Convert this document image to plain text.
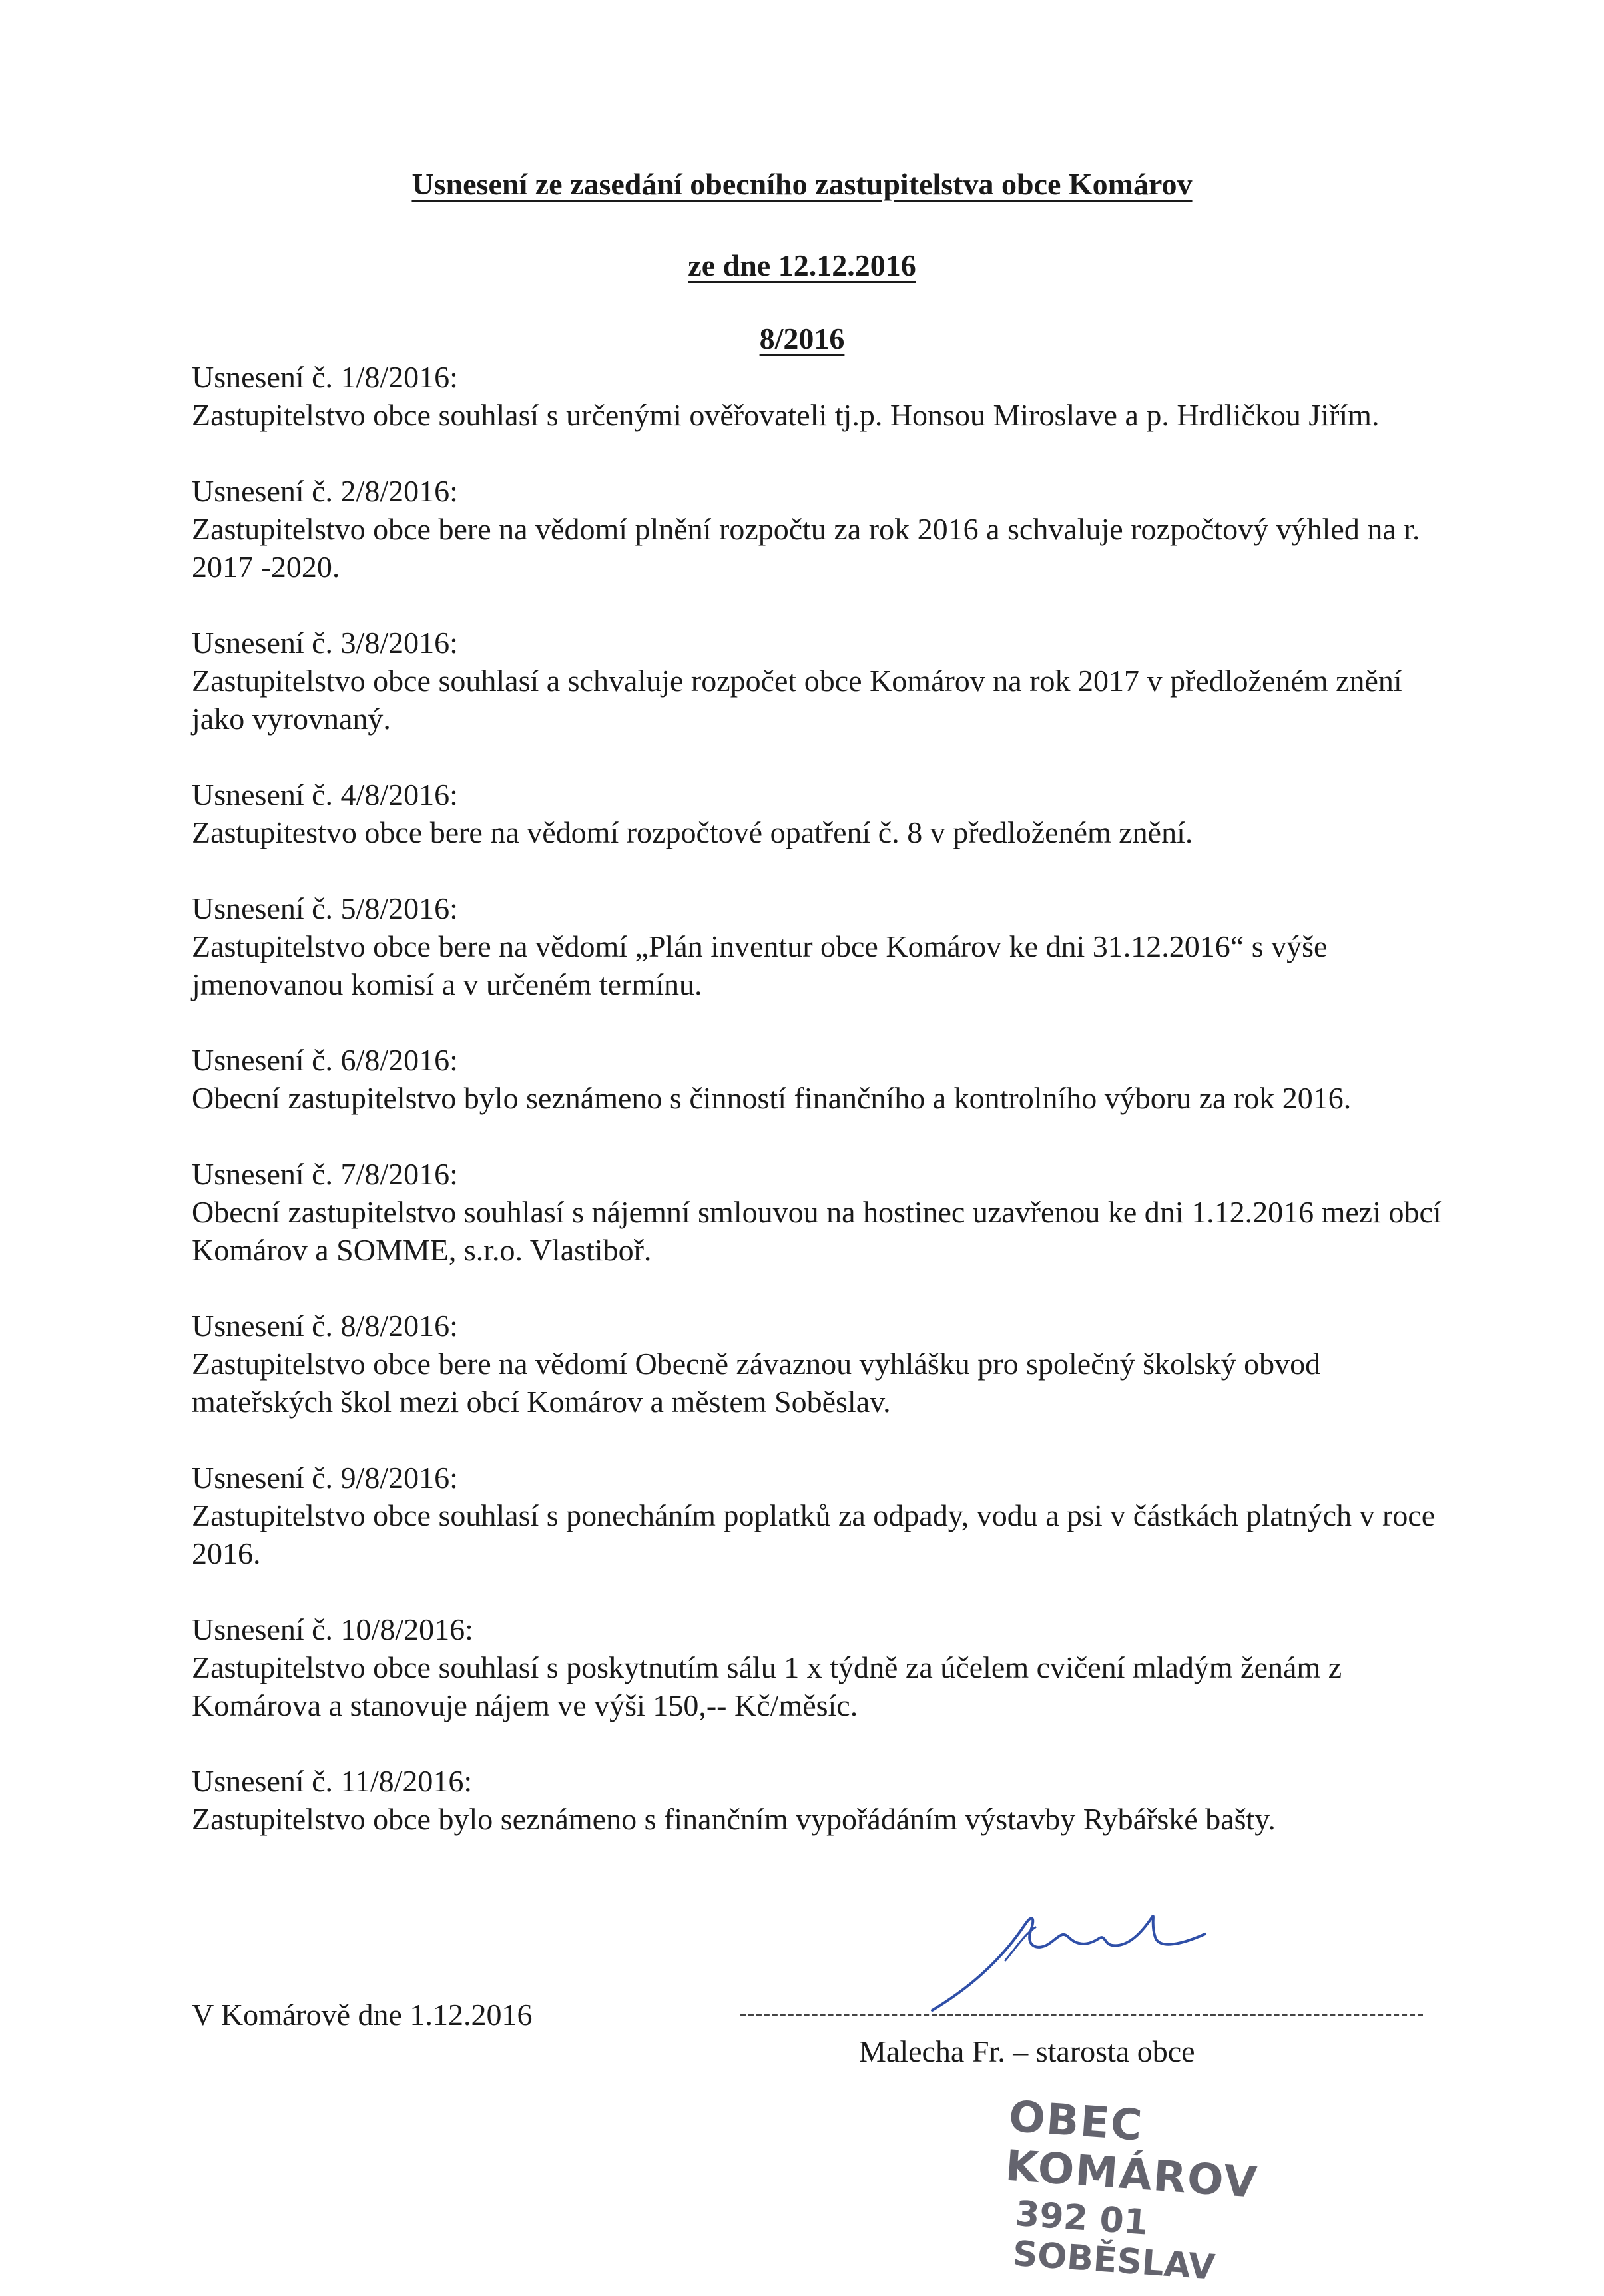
Usnesení ze zasedání obecního zastupitelstva obce Komárov
ze dne 12.12.2016
8/2016
Usnesení č. 1/8/2016:
Zastupitelstvo obce souhlasí s určenými ověřovateli tj.p. Honsou Miroslave a p. Hrdličkou Jiřím.
Usnesení č. 2/8/2016:
Zastupitelstvo obce bere na vědomí plnění rozpočtu za rok 2016 a schvaluje rozpočtový výhled na r. 2017 -2020.
Usnesení č. 3/8/2016:
Zastupitelstvo obce souhlasí a schvaluje rozpočet obce Komárov na rok 2017 v předloženém znění jako vyrovnaný.
Usnesení č. 4/8/2016:
Zastupitestvo obce bere na vědomí rozpočtové opatření č. 8 v předloženém znění.
Usnesení č. 5/8/2016:
Zastupitelstvo obce bere na vědomí „Plán inventur obce Komárov ke dni 31.12.2016“ s výše jmenovanou komisí a v určeném termínu.
Usnesení č. 6/8/2016:
Obecní zastupitelstvo bylo seznámeno s činností finančního a kontrolního výboru za rok 2016.
Usnesení č. 7/8/2016:
Obecní zastupitelstvo souhlasí s nájemní smlouvou na hostinec uzavřenou ke dni 1.12.2016 mezi obcí Komárov a SOMME, s.r.o. Vlastiboř.
Usnesení č. 8/8/2016:
Zastupitelstvo obce bere na vědomí Obecně závaznou vyhlášku pro společný školský obvod mateřských škol mezi obcí Komárov a městem Soběslav.
Usnesení č. 9/8/2016:
Zastupitelstvo obce souhlasí s ponecháním poplatků za odpady, vodu a psi v částkách platných v roce 2016.
Usnesení č. 10/8/2016:
Zastupitelstvo obce souhlasí s poskytnutím sálu 1 x týdně za účelem cvičení mladým ženám z Komárova a stanovuje nájem ve výši 150,-- Kč/měsíc.
Usnesení č. 11/8/2016:
Zastupitelstvo obce bylo seznámeno s finančním vypořádáním výstavby Rybářské bašty.
V Komárově dne 1.12.2016
Malecha Fr. – starosta obce
OBEC KOMÁROV
392 01 SOBĚSLAV
